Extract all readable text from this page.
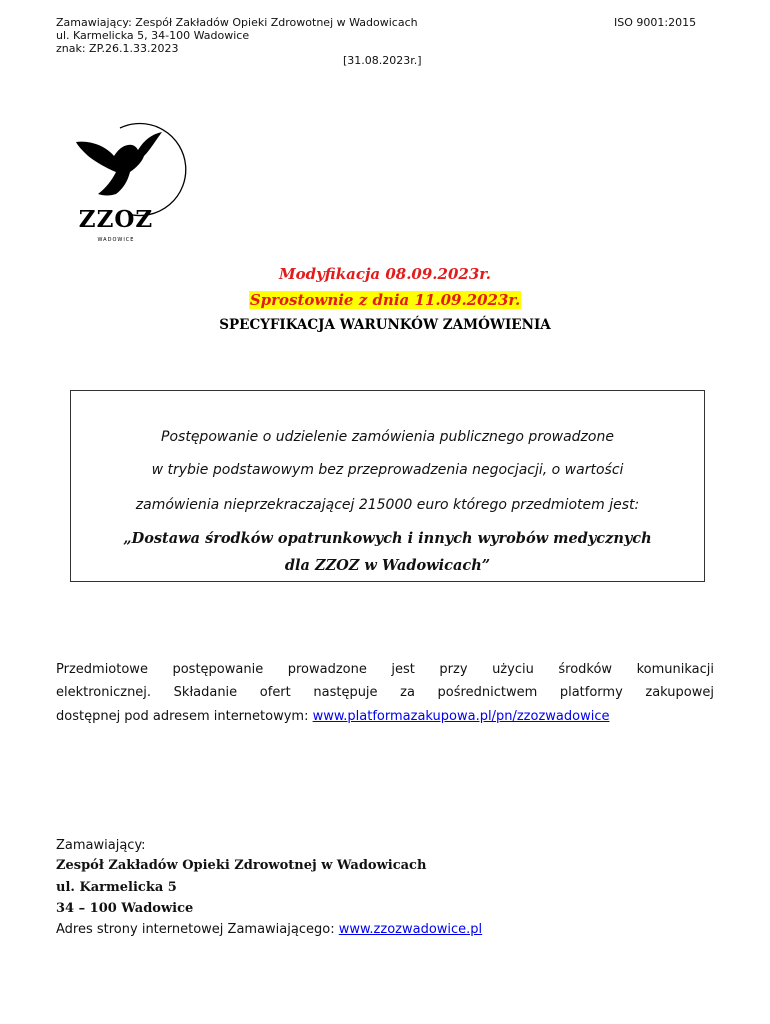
Zamawiający: Zespół Zakładów Opieki Zdrowotnej w Wadowicach
ul. Karmelicka 5, 34-100 Wadowice
znak: ZP.26.1.33.2023
ISO 9001:2015
[31.08.2023r.]
ZZOZ
WADOWICE
Modyfikacja 08.09.2023r.
Sprostownie z dnia 11.09.2023r.
SPECYFIKACJA WARUNKÓW ZAMÓWIENIA
Postępowanie o udzielenie zamówienia publicznego prowadzone
w trybie podstawowym bez przeprowadzenia negocjacji, o wartości
zamówienia nieprzekraczającej 215000 euro którego przedmiotem jest:
„Dostawa środków opatrunkowych i innych wyrobów medycznych
dla ZZOZ w Wadowicach”
Przedmiotowe postępowanie prowadzone jest przy użyciu środków komunikacji
elektronicznej. Składanie ofert następuje za pośrednictwem platformy zakupowej
dostępnej pod adresem internetowym: www.platformazakupowa.pl/pn/zzozwadowice
Zamawiający:
Zespół Zakładów Opieki Zdrowotnej w Wadowicach
ul. Karmelicka 5
34 – 100 Wadowice
Adres strony internetowej Zamawiającego: www.zzozwadowice.pl
